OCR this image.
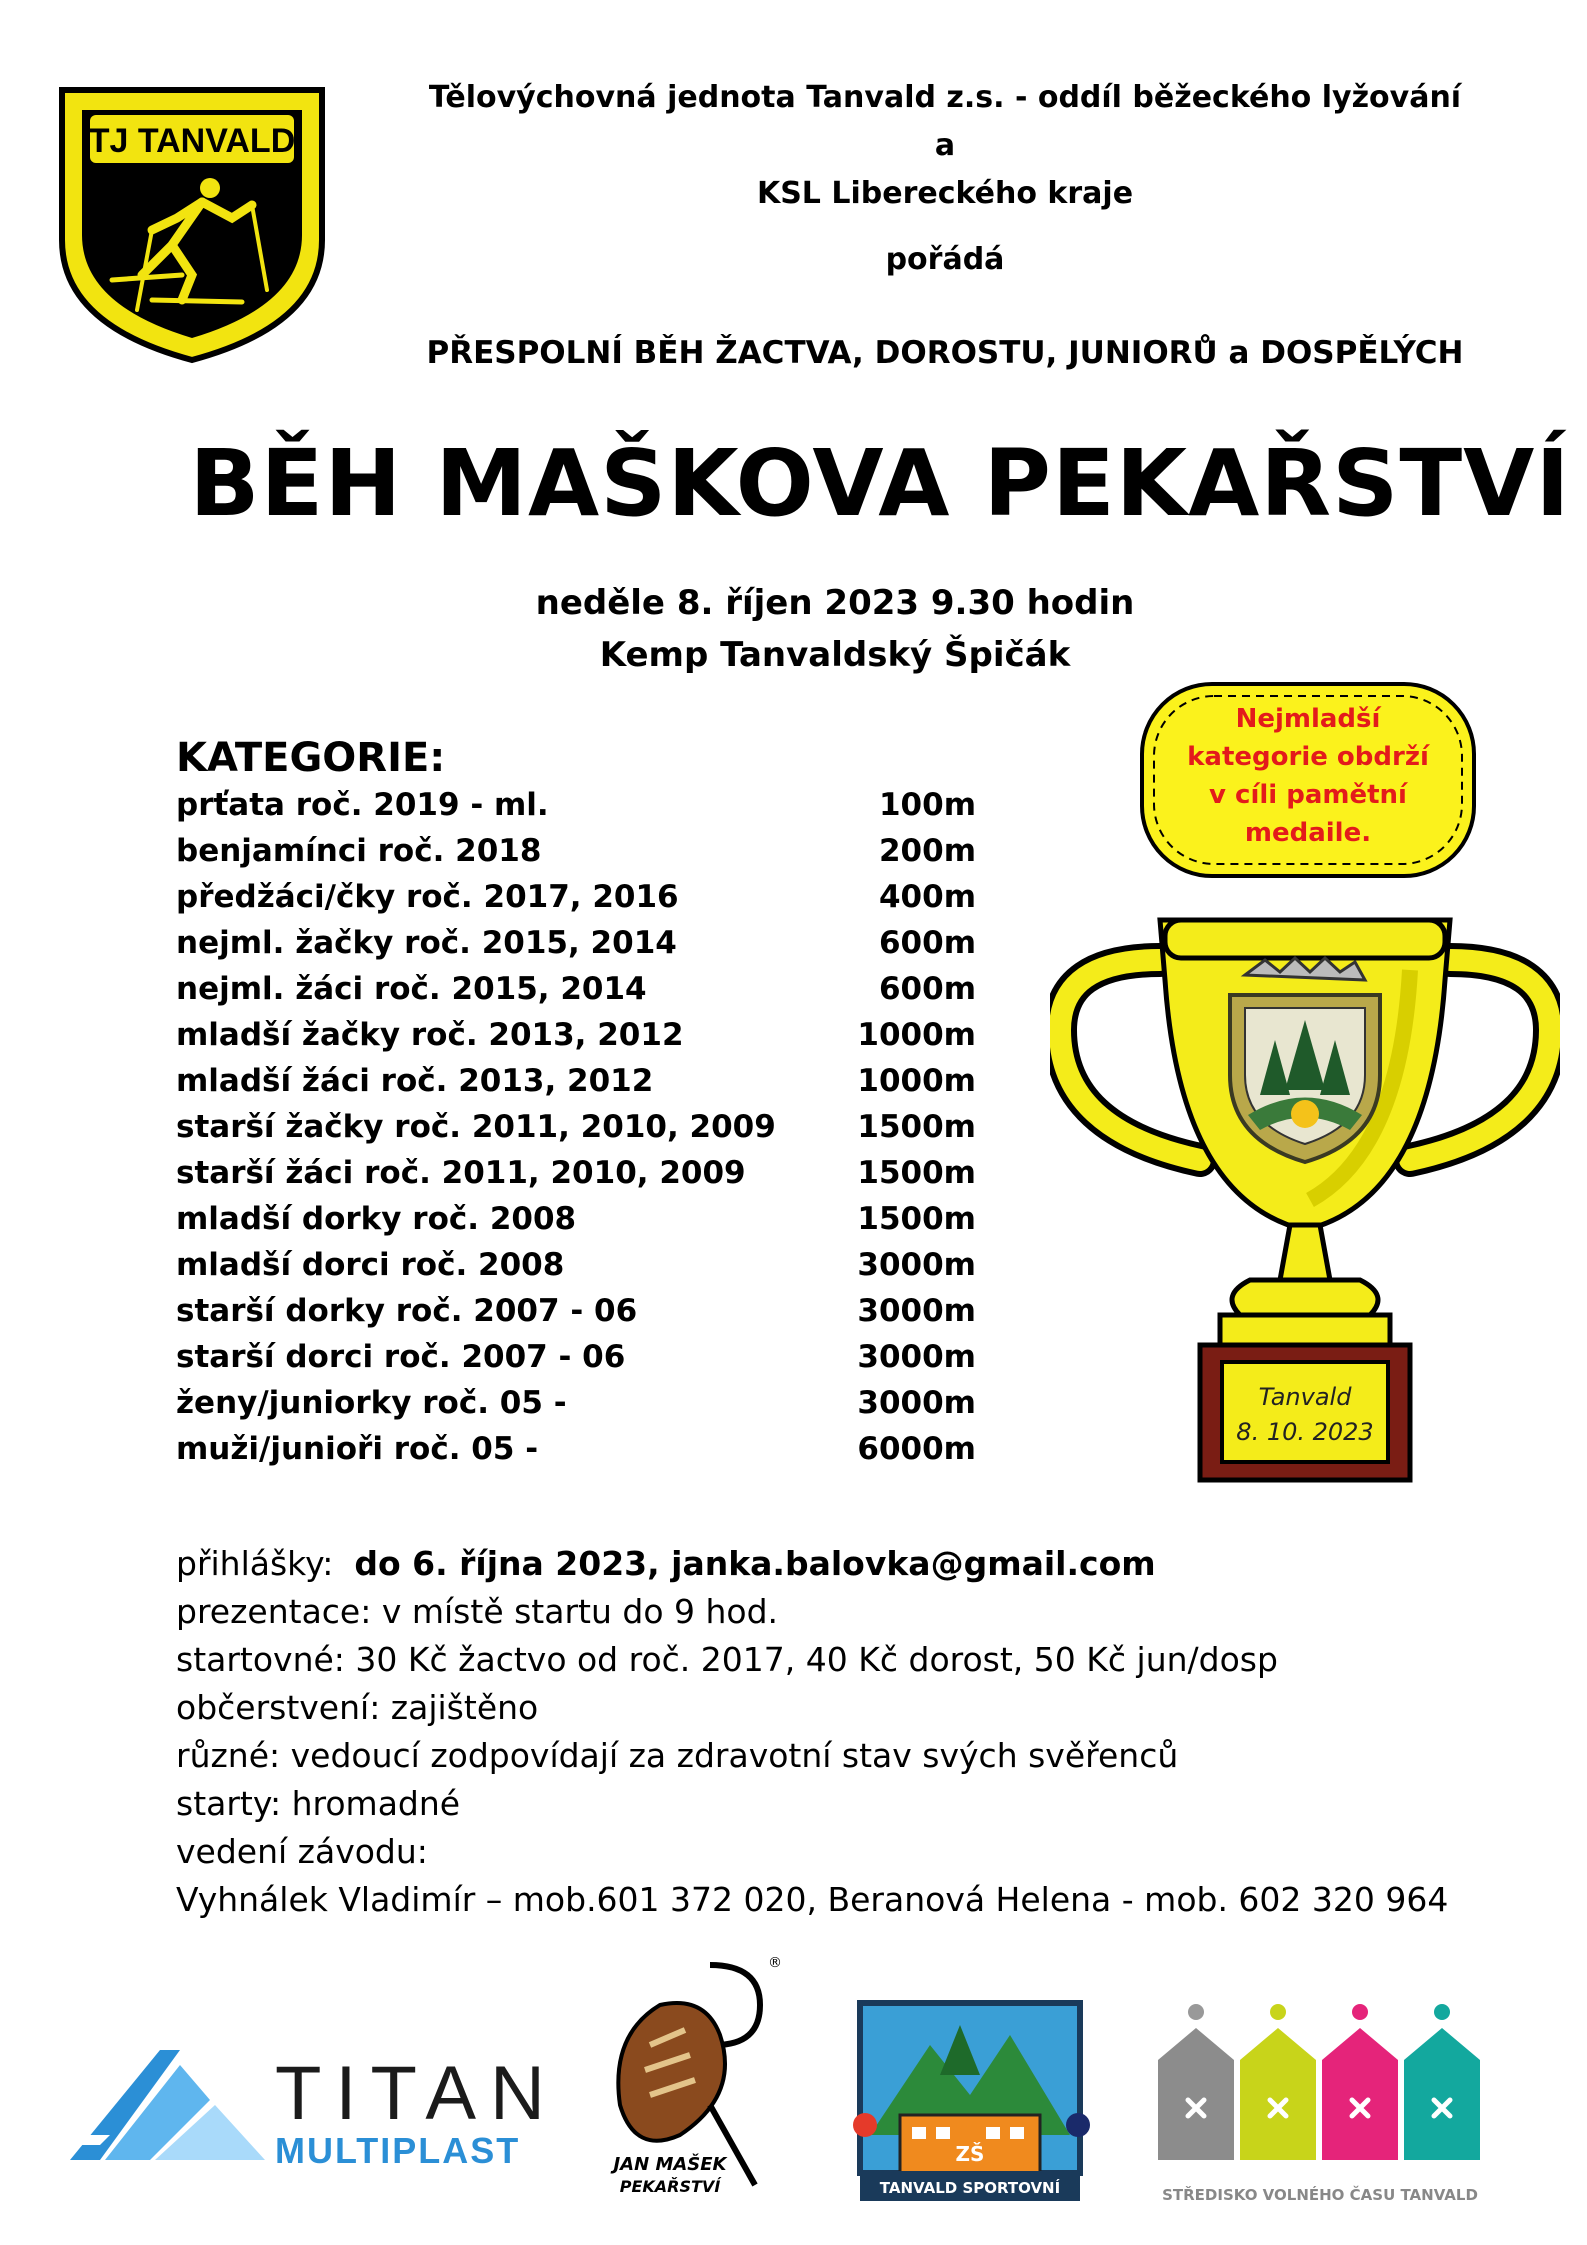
TJ TANVALD
Tělovýchovná jednota Tanvald z.s. - oddíl běžeckého lyžování
a
KSL Libereckého kraje
pořádá
PŘESPOLNÍ BĚH ŽACTVA, DOROSTU, JUNIORŮ a DOSPĚLÝCH
BĚH MAŠKOVA PEKAŘSTVÍ
neděle 8. říjen 2023 9.30 hodin
Kemp Tanvaldský Špičák
KATEGORIE:
prťata roč. 2019 - ml.	100m
benjamínci roč. 2018	200m
předžáci/čky roč. 2017, 2016	400m
nejml. žačky roč. 2015, 2014	600m
nejml. žáci roč. 2015, 2014	600m
mladší žačky roč. 2013, 2012	1000m
mladší žáci roč. 2013, 2012	1000m
starší žačky roč. 2011, 2010, 2009	1500m
starší žáci roč. 2011, 2010, 2009	1500m
mladší dorky roč. 2008	1500m
mladší dorci roč. 2008	3000m
starší dorky roč. 2007 - 06	3000m
starší dorci roč. 2007 - 06	3000m
ženy/juniorky roč. 05 -	3000m
muži/junioři roč. 05 -	6000m
Nejmladší
kategorie obdrží
v cíli pamětní
medaile.
Tanvald
8. 10. 2023
přihlášky: do 6. října 2023, janka.balovka@gmail.com
prezentace: v místě startu do 9 hod.
startovné: 30 Kč žactvo od roč. 2017, 40 Kč dorost, 50 Kč jun/dosp
občerstvení: zajištěno
různé: vedoucí zodpovídají za zdravotní stav svých svěřenců
starty: hromadné
vedení závodu:
Vyhnálek Vladimír – mob.601 372 020, Beranová Helena - mob. 602 320 964
TITAN
MULTIPLAST
®
JAN MAŠEK
PEKAŘSTVÍ
ZŠ
TANVALD SPORTOVNÍ	STŘEDISKO VOLNÉHO ČASU TANVALD
